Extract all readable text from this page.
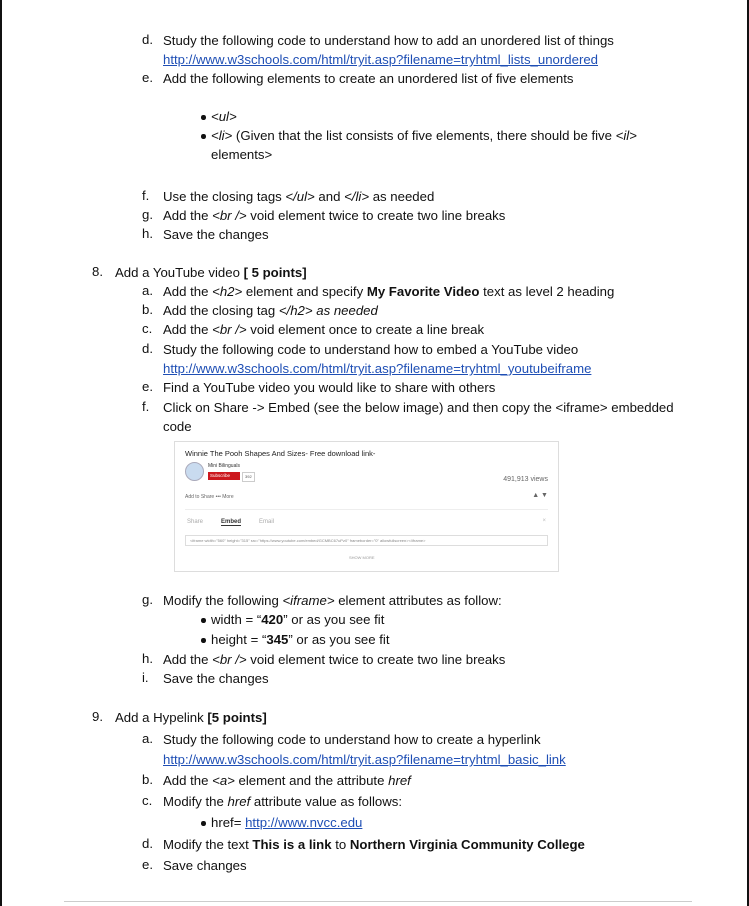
d. Study the following code to understand how to add an unordered list of things
http://www.w3schools.com/html/tryit.asp?filename=tryhtml_lists_unordered
e. Add the following elements to create an unordered list of five elements
<ul>
<li> (Given that the list consists of five elements, there should be five <il>
elements>
f. Use the closing tags </ul> and </li> as needed
g. Add the <br /> void element twice to create two line breaks
h. Save the changes
8. Add a YouTube video [ 5 points]
a. Add the <h2> element and specify My Favorite Video text as level 2 heading
b. Add the closing tag </h2> as needed
c. Add the <br /> void element once to create a line break
d. Study the following code to understand how to embed a YouTube video
http://www.w3schools.com/html/tryit.asp?filename=tryhtml_youtubeiframe
e. Find a YouTube video you would like to share with others
f. Click on Share -> Embed (see the below image) and then copy the <iframe> embedded
code
Winnie The Pooh Shapes And Sizes- Free download link-
Mini Bilinguals
Subscribe	392	491,913 views
Add to Share ••• More	▲ ▼
Share	Embed	Email	×
<iframe width="560" height="315" src="https://www.youtube.com/embed/GCMBC67uPz0" frameborder="0" allowfullscreen></iframe>
SHOW MORE
g. Modify the following <iframe> element attributes as follow:
width = “420” or as you see fit
height = “345” or as you see fit
h. Add the <br /> void element twice to create two line breaks
i. Save the changes
9. Add a Hypelink [5 points]
a. Study the following code to understand how to create a hyperlink
http://www.w3schools.com/html/tryit.asp?filename=tryhtml_basic_link
b. Add the <a> element and the attribute href
c. Modify the href attribute value as follows:
href= http://www.nvcc.edu
d. Modify the text This is a link to Northern Virginia Community College
e. Save changes
